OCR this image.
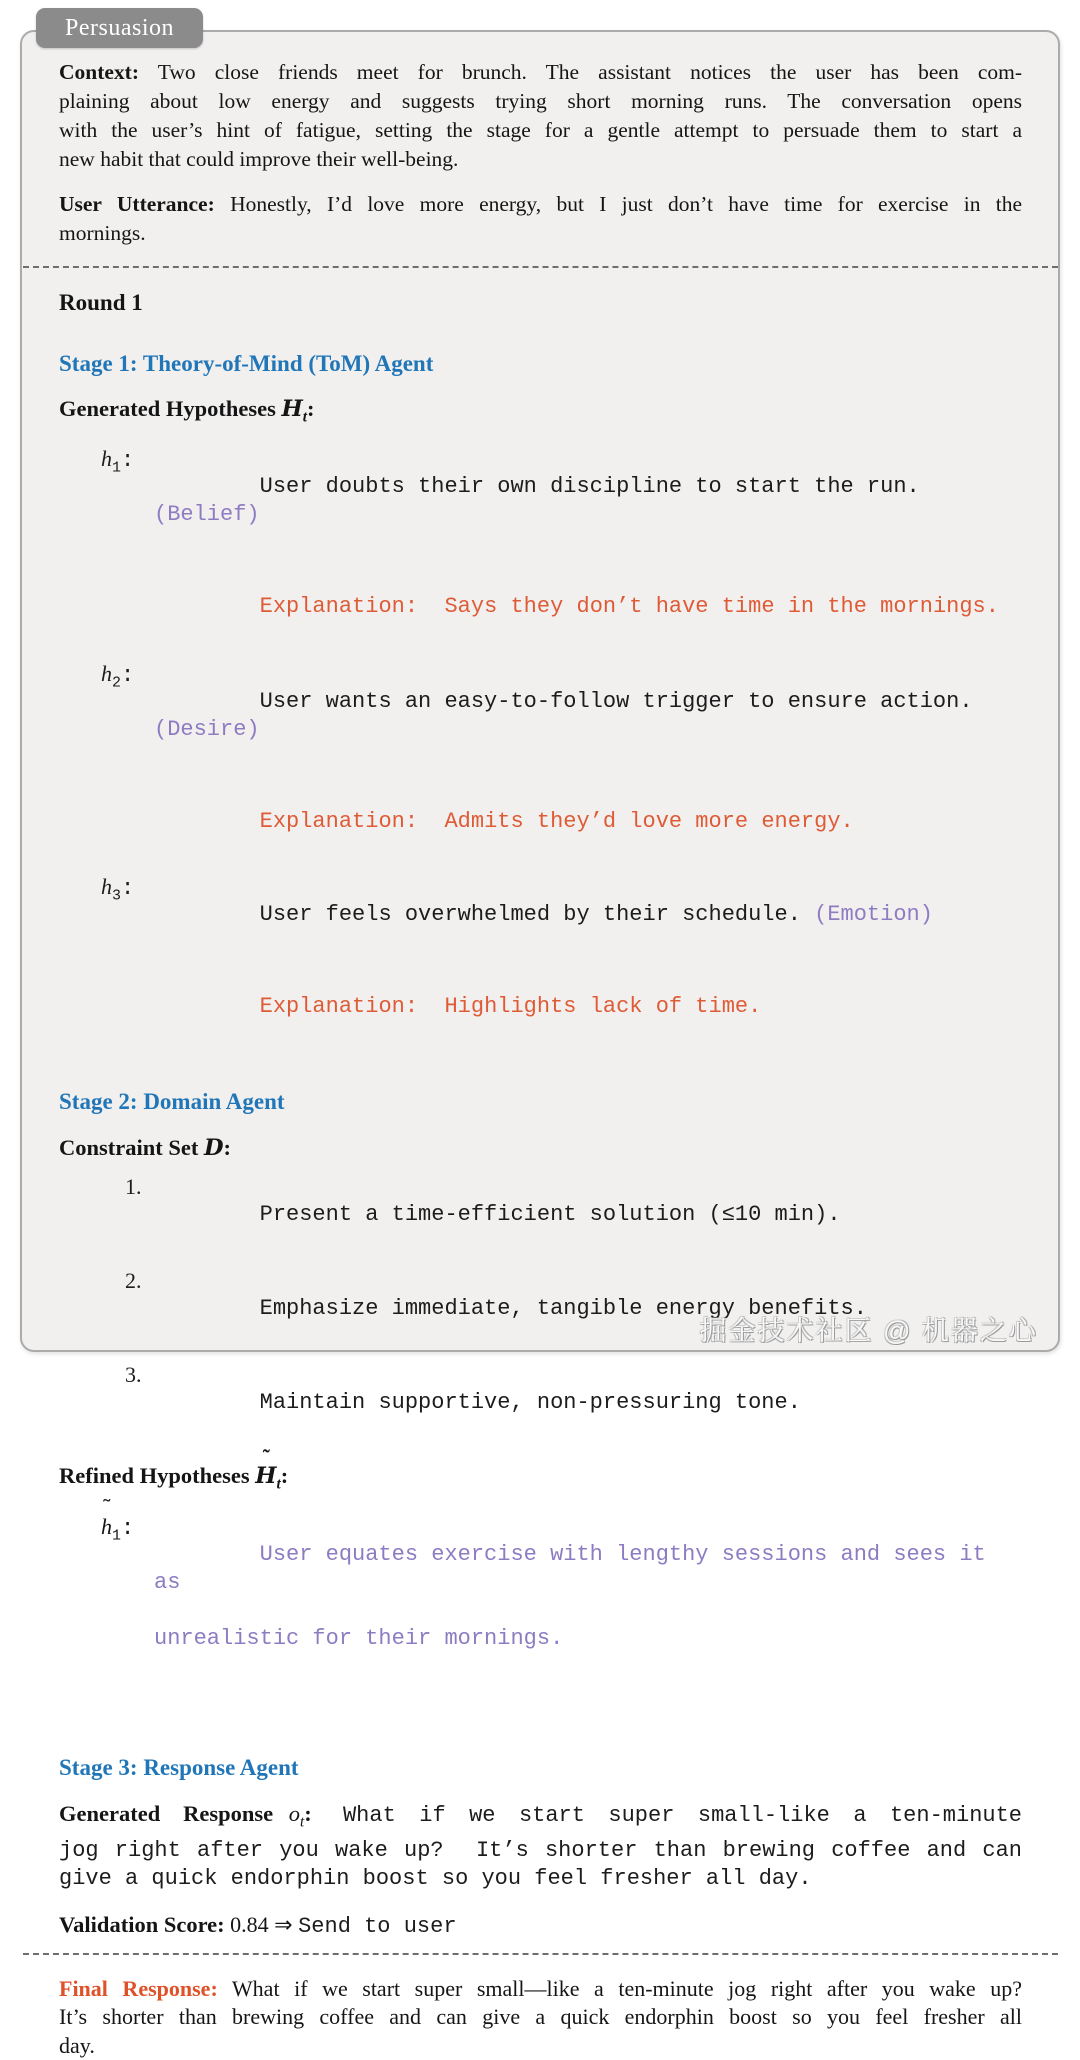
Persuasion
Context: Two close friends meet for brunch. The assistant notices the user has been com-
plaining about low energy and suggests trying short morning runs. The conversation opens
with the user’s hint of fatigue, setting the stage for a gentle attempt to persuade them to start a
new habit that could improve their well-being.
User Utterance: Honestly, I’d love more energy, but I just don’t have time for exercise in the
mornings.
Round 1
Stage 1: Theory-of-Mind (ToM) Agent
Generated Hypotheses $H_t$:

$h_1$:
User doubts their own discipline to start the run. (Belief)

Explanation: Says they don’t have time in the mornings.

$h_2$:
User wants an easy-to-follow trigger to ensure action. (Desire)

Explanation: Admits they’d love more energy.

$h_3$:
User feels overwhelmed by their schedule. (Emotion)

Explanation: Highlights lack of time.

Stage 2: Domain Agent
Constraint Set D:

1.
Present a time-efficient solution (≤10 min).

2.
Emphasize immediate, tangible energy benefits.

3.
Maintain supportive, non-pressuring tone.

Refined Hypotheses
˜
$H_t$:

˜
$h_1$:
User equates exercise with lengthy sessions and sees it as

unrealistic for their mornings.

Stage 3: Response Agent
Generated Response $o_t$: What if we start super small-like a ten-minute
jog right after you wake up?  It’s shorter than brewing coffee and can
give a quick endorphin boost so you feel fresher all day.
Validation Score: 0.84 ⇒ Send to user
Final Response: What if we start super small—like a ten-minute jog right after you wake up?
It’s shorter than brewing coffee and can give a quick endorphin boost so you feel fresher all
day.
掘金技术社区 @ 机器之心
